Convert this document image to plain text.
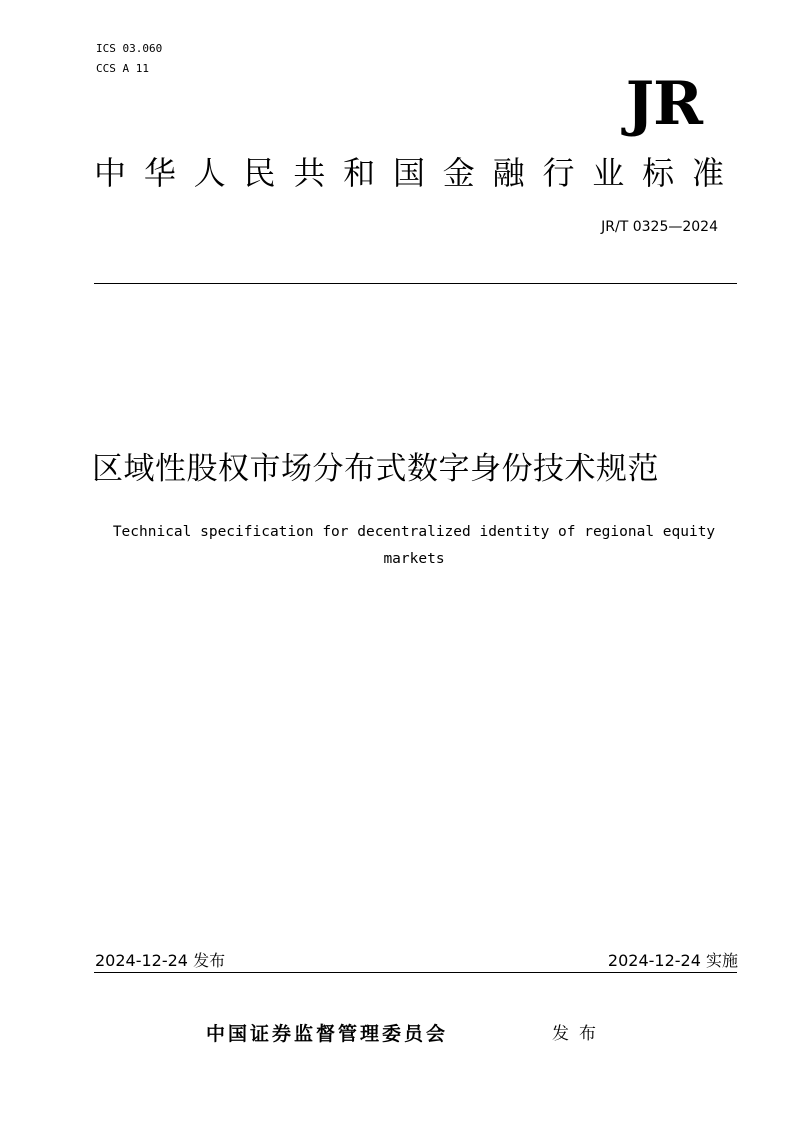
ICS 03.060
CCS A 11
JR
中 华 人 民 共 和 国 金 融 行 业 标 准
JR/T 0325—2024
区域性股权市场分布式数字身份技术规范
Technical specification for decentralized identity of regional equity
markets
2024-12-24 发布	2024-12-24 实施
中国证券监督管理委员会	发布
